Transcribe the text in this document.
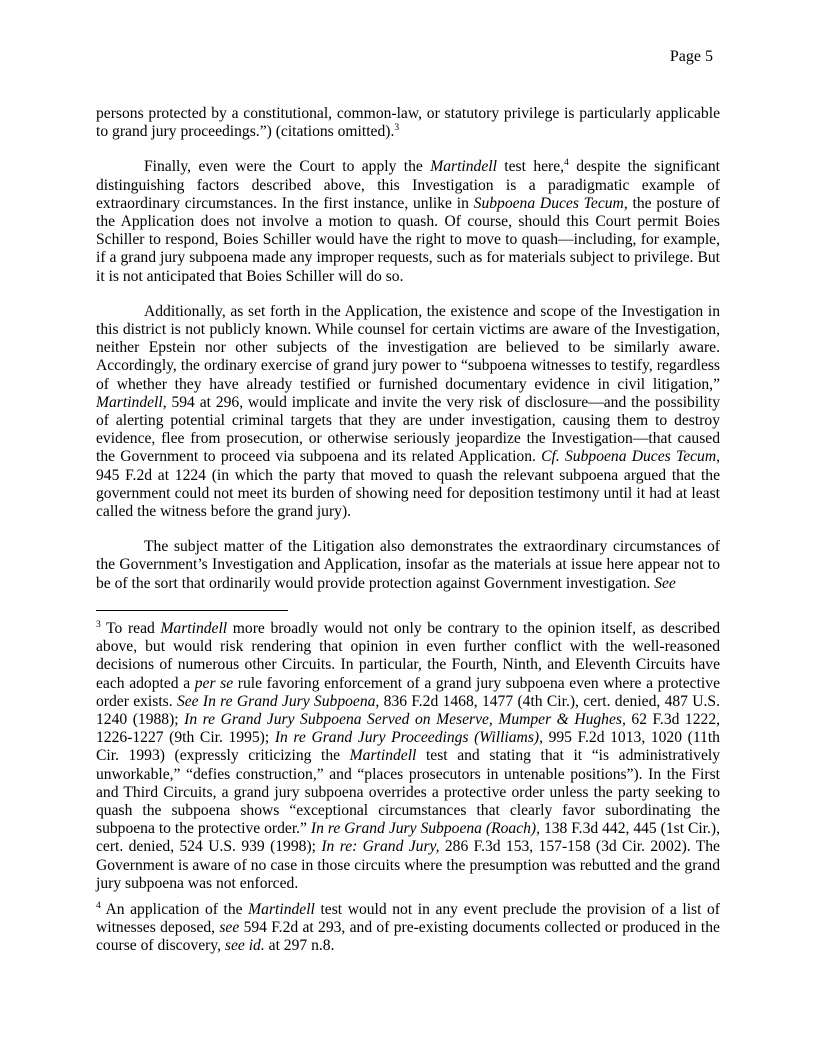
Page 5

persons protected by a constitutional, common-law, or statutory privilege is particularly applicable to grand jury proceedings.”) (citations omitted).$^3$

Finally, even were the Court to apply the Martindell test here,$^4$ despite the significant distinguishing factors described above, this Investigation is a paradigmatic example of extraordinary circumstances. In the first instance, unlike in Subpoena Duces Tecum, the posture of the Application does not involve a motion to quash. Of course, should this Court permit Boies Schiller to respond, Boies Schiller would have the right to move to quash—including, for example, if a grand jury subpoena made any improper requests, such as for materials subject to privilege. But it is not anticipated that Boies Schiller will do so.

Additionally, as set forth in the Application, the existence and scope of the Investigation in this district is not publicly known. While counsel for certain victims are aware of the Investigation, neither Epstein nor other subjects of the investigation are believed to be similarly aware. Accordingly, the ordinary exercise of grand jury power to “subpoena witnesses to testify, regardless of whether they have already testified or furnished documentary evidence in civil litigation,” Martindell, 594 at 296, would implicate and invite the very risk of disclosure—and the possibility of alerting potential criminal targets that they are under investigation, causing them to destroy evidence, flee from prosecution, or otherwise seriously jeopardize the Investigation—that caused the Government to proceed via subpoena and its related Application. Cf. Subpoena Duces Tecum, 945 F.2d at 1224 (in which the party that moved to quash the relevant subpoena argued that the government could not meet its burden of showing need for deposition testimony until it had at least called the witness before the grand jury).

The subject matter of the Litigation also demonstrates the extraordinary circumstances of the Government’s Investigation and Application, insofar as the materials at issue here appear not to be of the sort that ordinarily would provide protection against Government investigation. See

$^3$ To read Martindell more broadly would not only be contrary to the opinion itself, as described above, but would risk rendering that opinion in even further conflict with the well-reasoned decisions of numerous other Circuits. In particular, the Fourth, Ninth, and Eleventh Circuits have each adopted a per se rule favoring enforcement of a grand jury subpoena even where a protective order exists. See In re Grand Jury Subpoena, 836 F.2d 1468, 1477 (4th Cir.), cert. denied, 487 U.S. 1240 (1988); In re Grand Jury Subpoena Served on Meserve, Mumper & Hughes, 62 F.3d 1222, 1226-1227 (9th Cir. 1995); In re Grand Jury Proceedings (Williams), 995 F.2d 1013, 1020 (11th Cir. 1993) (expressly criticizing the Martindell test and stating that it “is administratively unworkable,” “defies construction,” and “places prosecutors in untenable positions”). In the First and Third Circuits, a grand jury subpoena overrides a protective order unless the party seeking to quash the subpoena shows “exceptional circumstances that clearly favor subordinating the subpoena to the protective order.” In re Grand Jury Subpoena (Roach), 138 F.3d 442, 445 (1st Cir.), cert. denied, 524 U.S. 939 (1998); In re: Grand Jury, 286 F.3d 153, 157-158 (3d Cir. 2002). The Government is aware of no case in those circuits where the presumption was rebutted and the grand jury subpoena was not enforced.

$^4$ An application of the Martindell test would not in any event preclude the provision of a list of witnesses deposed, see 594 F.2d at 293, and of pre-existing documents collected or produced in the course of discovery, see id. at 297 n.8.
